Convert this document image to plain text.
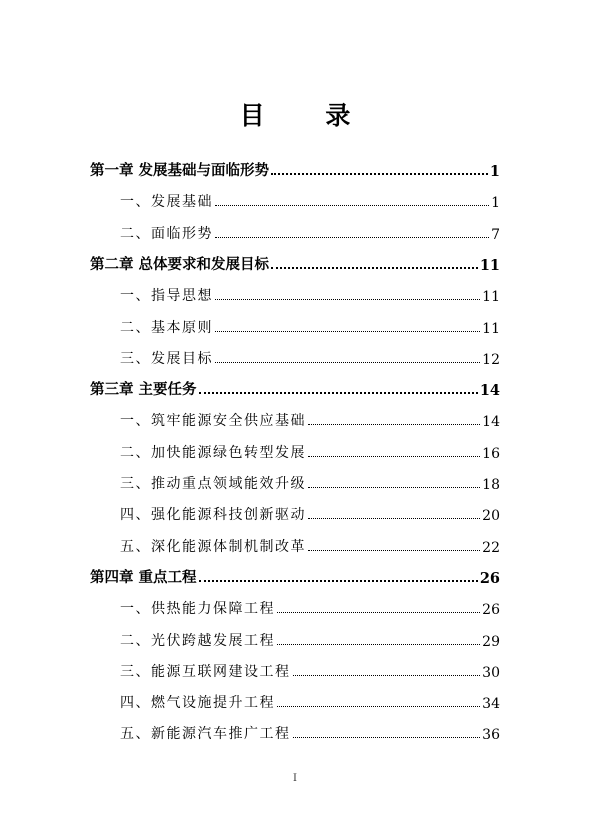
目 录
第一章 发展基础与面临形势	1
一、发展基础	1
二、面临形势	7
第二章 总体要求和发展目标	11
一、指导思想	11
二、基本原则	11
三、发展目标	12
第三章 主要任务	14
一、筑牢能源安全供应基础	14
二、加快能源绿色转型发展	16
三、推动重点领域能效升级	18
四、强化能源科技创新驱动	20
五、深化能源体制机制改革	22
第四章 重点工程	26
一、供热能力保障工程	26
二、光伏跨越发展工程	29
三、能源互联网建设工程	30
四、燃气设施提升工程	34
五、新能源汽车推广工程	36
I
